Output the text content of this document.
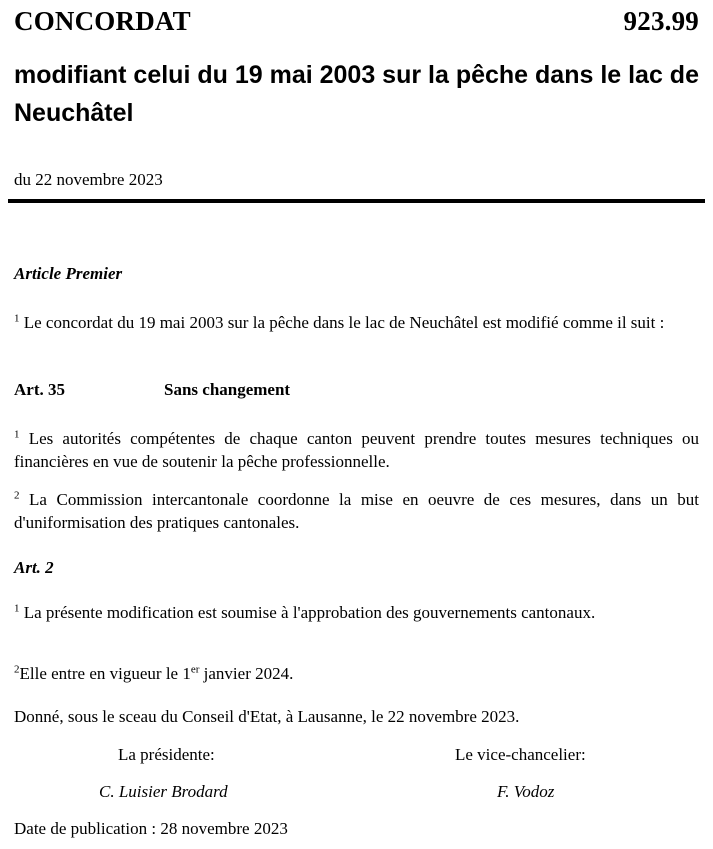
CONCORDAT	923.99
modifiant celui du 19 mai 2003 sur la pêche dans le lac de Neuchâtel
du 22 novembre 2023
Article Premier
$^1$ Le concordat du 19 mai 2003 sur la pêche dans le lac de Neuchâtel est modifié comme il suit :
Art. 35	Sans changement
$^1$ Les autorités compétentes de chaque canton peuvent prendre toutes mesures techniques ou financières en vue de soutenir la pêche professionnelle.
$^2$ La Commission intercantonale coordonne la mise en oeuvre de ces mesures, dans un but d'uniformisation des pratiques cantonales.
Art. 2
$^1$ La présente modification est soumise à l'approbation des gouvernements cantonaux.
$^2$Elle entre en vigueur le 1er janvier 2024.
Donné, sous le sceau du Conseil d'Etat, à Lausanne, le 22 novembre 2023.
La présidente:	Le vice-chancelier:
C. Luisier Brodard	F. Vodoz
Date de publication : 28 novembre 2023
